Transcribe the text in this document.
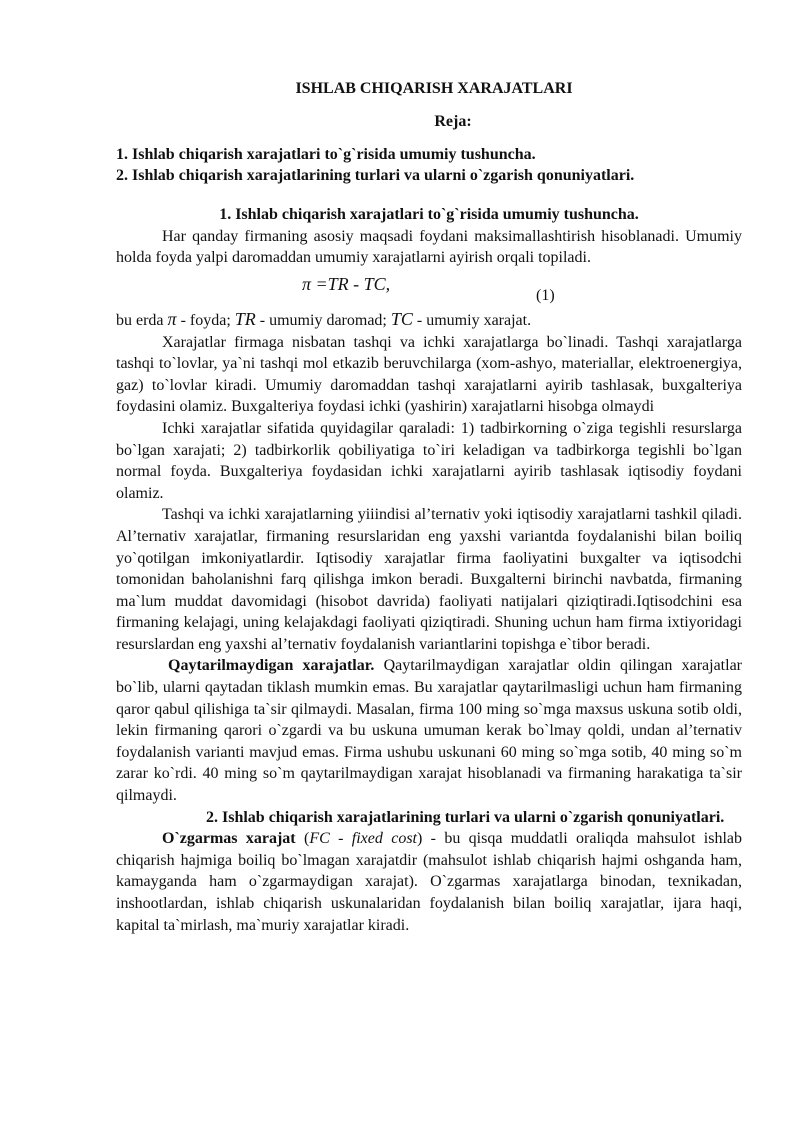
ISHLAB CHIQARISH XARAJATLARI
Reja:
1. Ishlab chiqarish xarajatlari to`g`risida umumiy tushuncha.
2. Ishlab chiqarish xarajatlarining turlari va ularni o`zgarish qonuniyatlari.
1. Ishlab chiqarish xarajatlari to`g`risida umumiy tushuncha.

Har qanday firmaning asosiy maqsadi foydani maksimallashtirish hisoblanadi. Umumiy holda foyda yalpi daromaddan umumiy xarajatlarni ayirish orqali topiladi.

π =TR - TC,
(1)

bu erda π - foyda; TR - umumiy daromad; TC - umumiy xarajat.

Xarajatlar firmaga nisbatan tashqi va ichki xarajatlarga bo`linadi. Tashqi xarajatlarga tashqi to`lovlar, ya`ni tashqi mol etkazib beruvchilarga (xom-ashyo, materiallar, elektroenergiya, gaz) to`lovlar kiradi. Umumiy daromaddan tashqi xarajatlarni ayirib tashlasak, buxgalteriya foydasini olamiz. Buxgalteriya foydasi ichki (yashirin) xarajatlarni hisobga olmaydi

Ichki xarajatlar sifatida quyidagilar qaraladi: 1) tadbirkorning o`ziga tegishli resurslarga bo`lgan xarajati; 2) tadbirkorlik qobiliyatiga to`iri keladigan va tadbirkorga tegishli bo`lgan normal foyda. Buxgalteriya foydasidan ichki xarajatlarni ayirib tashlasak iqtisodiy foydani olamiz.

Tashqi va ichki xarajatlarning yiiindisi al’ternativ yoki iqtisodiy xarajatlarni tashkil qiladi. Al’ternativ xarajatlar, firmaning resurslaridan eng yaxshi variantda foydalanishi bilan boiliq yo`qotilgan imkoniyatlardir. Iqtisodiy xarajatlar firma faoliyatini buxgalter va iqtisodchi tomonidan baholanishni farq qilishga imkon beradi. Buxgalterni birinchi navbatda, firmaning ma`lum muddat davomidagi (hisobot davrida) faoliyati natijalari qiziqtiradi.Iqtisodchini esa firmaning kelajagi, uning kelajakdagi faoliyati qiziqtiradi. Shuning uchun ham firma ixtiyoridagi resurslardan eng yaxshi al’ternativ foydalanish variantlarini topishga e`tibor beradi.

Qaytarilmaydigan xarajatlar. Qaytarilmaydigan xarajatlar oldin qilingan xarajatlar bo`lib, ularni qaytadan tiklash mumkin emas. Bu xarajatlar qaytarilmasligi uchun ham firmaning qaror qabul qilishiga ta`sir qilmaydi. Masalan, firma 100 ming so`mga maxsus uskuna sotib oldi, lekin firmaning qarori o`zgardi va bu uskuna umuman kerak bo`lmay qoldi, undan al’ternativ foydalanish varianti mavjud emas. Firma ushubu uskunani 60 ming so`mga sotib, 40 ming so`m zarar ko`rdi. 40 ming so`m qaytarilmaydigan xarajat hisoblanadi va firmaning harakatiga ta`sir qilmaydi.

2. Ishlab chiqarish xarajatlarining turlari va ularni o`zgarish qonuniyatlari.

O`zgarmas xarajat (FC - fixed cost) - bu qisqa muddatli oraliqda mahsulot ishlab chiqarish hajmiga boiliq bo`lmagan xarajatdir (mahsulot ishlab chiqarish hajmi oshganda ham, kamayganda ham o`zgarmaydigan xarajat). O`zgarmas xarajatlarga binodan, texnikadan, inshootlardan, ishlab chiqarish uskunalaridan foydalanish bilan boiliq xarajatlar, ijara haqi, kapital ta`mirlash, ma`muriy xarajatlar kiradi.
